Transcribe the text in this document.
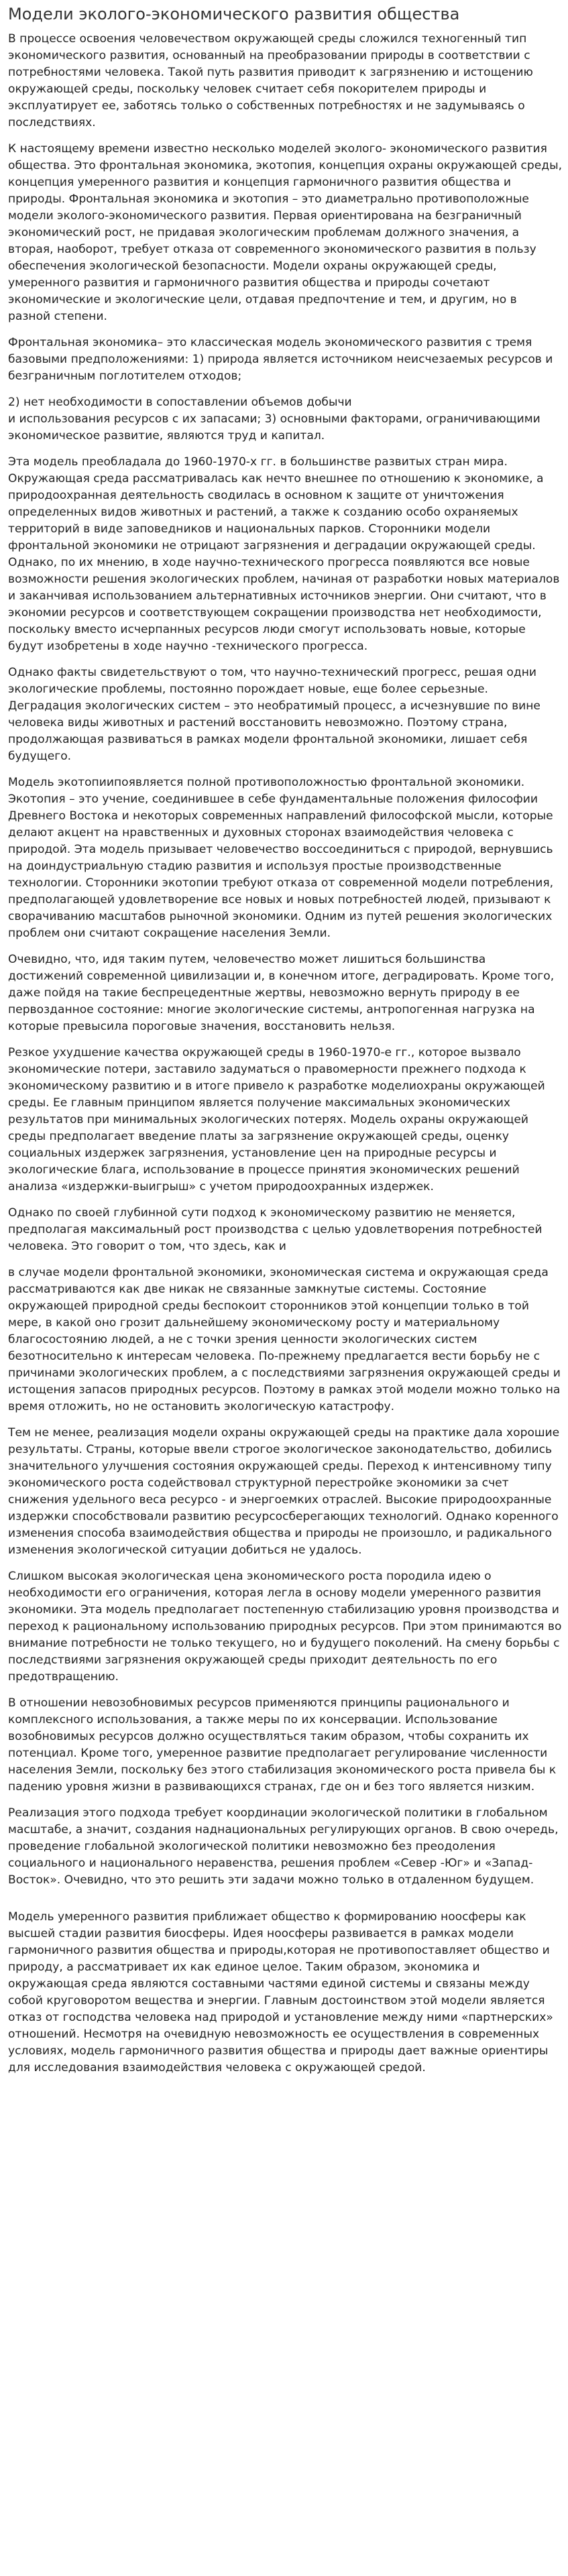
Модели эколого-экономического развития общества

В процессе освоения человечеством окружающей среды сложился техногенный тип экономического развития, основанный на преобразовании природы в соответствии с потребностями человека. Такой путь развития приводит к загрязнению и истощению окружающей среды, поскольку человек считает себя покорителем природы и эксплуатирует ее, заботясь только о собственных потребностях и не задумываясь о последствиях.

К настоящему времени известно несколько моделей эколого- экономического развития общества. Это фронтальная экономика, экотопия, концепция охраны окружающей среды, концепция умеренного развития и концепция гармоничного развития общества и природы. Фронтальная экономика и экотопия – это диаметрально противоположные модели эколого-экономического развития. Первая ориентирована на безграничный экономический рост, не придавая экологическим проблемам должного значения, а вторая, наоборот, требует отказа от современного экономического развития в пользу обеспечения экологической безопасности. Модели охраны окружающей среды, умеренного развития и гармоничного развития общества и природы сочетают экономические и экологические цели, отдавая предпочтение и тем, и другим, но в разной степени.

Фронтальная экономика– это классическая модель экономического развития с тремя базовыми предположениями: 1) природа является источником неисчезаемых ресурсов и безграничным поглотителем отходов;

2) нет необходимости в сопоставлении объемов добычи
и использования ресурсов с их запасами; 3) основными факторами, ограничивающими экономическое развитие, являются труд и капитал.

Эта модель преобладала до 1960-1970-х гг. в большинстве развитых стран мира. Окружающая среда рассматривалась как нечто внешнее по отношению к экономике, а природоохранная деятельность сводилась в основном к защите от уничтожения определенных видов животных и растений, а также к созданию особо охраняемых территорий в виде заповедников и национальных парков. Сторонники модели фронтальной экономики не отрицают загрязнения и деградации окружающей среды. Однако, по их мнению, в ходе научно-технического прогресса появляются все новые возможности решения экологических проблем, начиная от разработки новых материалов и заканчивая использованием альтернативных источников энергии. Они считают, что в экономии ресурсов и соответствующем сокращении производства нет необходимости, поскольку вместо исчерпанных ресурсов люди смогут использовать новые, которые будут изобретены в ходе научно -технического прогресса.

Однако факты свидетельствуют о том, что научно-технический прогресс, решая одни экологические проблемы, постоянно порождает новые, еще более серьезные. Деградация экологических систем – это необратимый процесс, а исчезнувшие по вине человека виды животных и растений восстановить невозможно. Поэтому страна, продолжающая развиваться в рамках модели фронтальной экономики, лишает себя будущего.

Модель экотопиипоявляется полной противоположностью фронтальной экономики. Экотопия – это учение, соединившее в себе фундаментальные положения философии Древнего Востока и некоторых современных направлений философской мысли, которые делают акцент на нравственных и духовных сторонах взаимодействия человека с природой. Эта модель призывает человечество воссоединиться с природой, вернувшись на доиндустриальную стадию развития и используя простые производственные технологии. Сторонники экотопии требуют отказа от современной модели потребления, предполагающей удовлетворение все новых и новых потребностей людей, призывают к сворачиванию масштабов рыночной экономики. Одним из путей решения экологических проблем они считают сокращение населения Земли.

Очевидно, что, идя таким путем, человечество может лишиться большинства достижений современной цивилизации и, в конечном итоге, деградировать. Кроме того, даже пойдя на такие беспрецедентные жертвы, невозможно вернуть природу в ее первозданное состояние: многие экологические системы, антропогенная нагрузка на которые превысила пороговые значения, восстановить нельзя.

Резкое ухудшение качества окружающей среды в 1960-1970-е гг., которое вызвало экономические потери, заставило задуматься о правомерности прежнего подхода к экономическому развитию и в итоге привело к разработке моделиохраны окружающей среды. Ее главным принципом является получение максимальных экономических результатов при минимальных экологических потерях. Модель охраны окружающей среды предполагает введение платы за загрязнение окружающей среды, оценку социальных издержек загрязнения, установление цен на природные ресурсы и экологические блага, использование в процессе принятия экономических решений анализа «издержки-выигрыш» с учетом природоохранных издержек.

Однако по своей глубинной сути подход к экономическому развитию не меняется, предполагая максимальный рост производства с целью удовлетворения потребностей человека. Это говорит о том, что здесь, как и

в случае модели фронтальной экономики, экономическая система и окружающая среда рассматриваются как две никак не связанные замкнутые системы. Состояние окружающей природной среды беспокоит сторонников этой концепции только в той мере, в какой оно грозит дальнейшему экономическому росту и материальному благосостоянию людей, а не с точки зрения ценности экологических систем безотносительно к интересам человека. По-прежнему предлагается вести борьбу не с причинами экологических проблем, а с последствиями загрязнения окружающей среды и истощения запасов природных ресурсов. Поэтому в рамках этой модели можно только на время отложить, но не остановить экологическую катастрофу.

Тем не менее, реализация модели охраны окружающей среды на практике дала хорошие результаты. Страны, которые ввели строгое экологическое законодательство, добились значительного улучшения состояния окружающей среды. Переход к интенсивному типу экономического роста содействовал структурной перестройке экономики за счет снижения удельного веса ресурсо - и энергоемких отраслей. Высокие природоохранные издержки способствовали развитию ресурсосберегающих технологий. Однако коренного изменения способа взаимодействия общества и природы не произошло, и радикального изменения экологической ситуации добиться не удалось.

Слишком высокая экологическая цена экономического роста породила идею о необходимости его ограничения, которая легла в основу модели умеренного развития экономики. Эта модель предполагает постепенную стабилизацию уровня производства и переход к рациональному использованию природных ресурсов. При этом принимаются во внимание потребности не только текущего, но и будущего поколений. На смену борьбы с последствиями загрязнения окружающей среды приходит деятельность по его предотвращению.

В отношении невозобновимых ресурсов применяются принципы рационального и комплексного использования, а также меры по их консервации. Использование возобновимых ресурсов должно осуществляться таким образом, чтобы сохранить их потенциал. Кроме того, умеренное развитие предполагает регулирование численности населения Земли, поскольку без этого стабилизация экономического роста привела бы к падению уровня жизни в развивающихся странах, где он и без того является низким.

Реализация этого подхода требует координации экологической политики в глобальном масштабе, а значит, создания наднациональных регулирующих органов. В свою очередь, проведение глобальной экологической политики невозможно без преодоления социального и национального неравенства, решения проблем «Север -Юг» и «Запад- Восток». Очевидно, что это решить эти задачи можно только в отдаленном будущем.

Модель умеренного развития приближает общество к формированию ноосферы как высшей стадии развития биосферы. Идея ноосферы развивается в рамках модели гармоничного развития общества и природы,которая не противопоставляет общество и природу, а рассматривает их как единое целое. Таким образом, экономика и окружающая среда являются составными частями единой системы и связаны между собой круговоротом вещества и энергии. Главным достоинством этой модели является отказ от господства человека над природой и установление между ними «партнерских» отношений. Несмотря на очевидную невозможность ее осуществления в современных условиях, модель гармоничного развития общества и природы дает важные ориентиры для исследования взаимодействия человека с окружающей средой.
